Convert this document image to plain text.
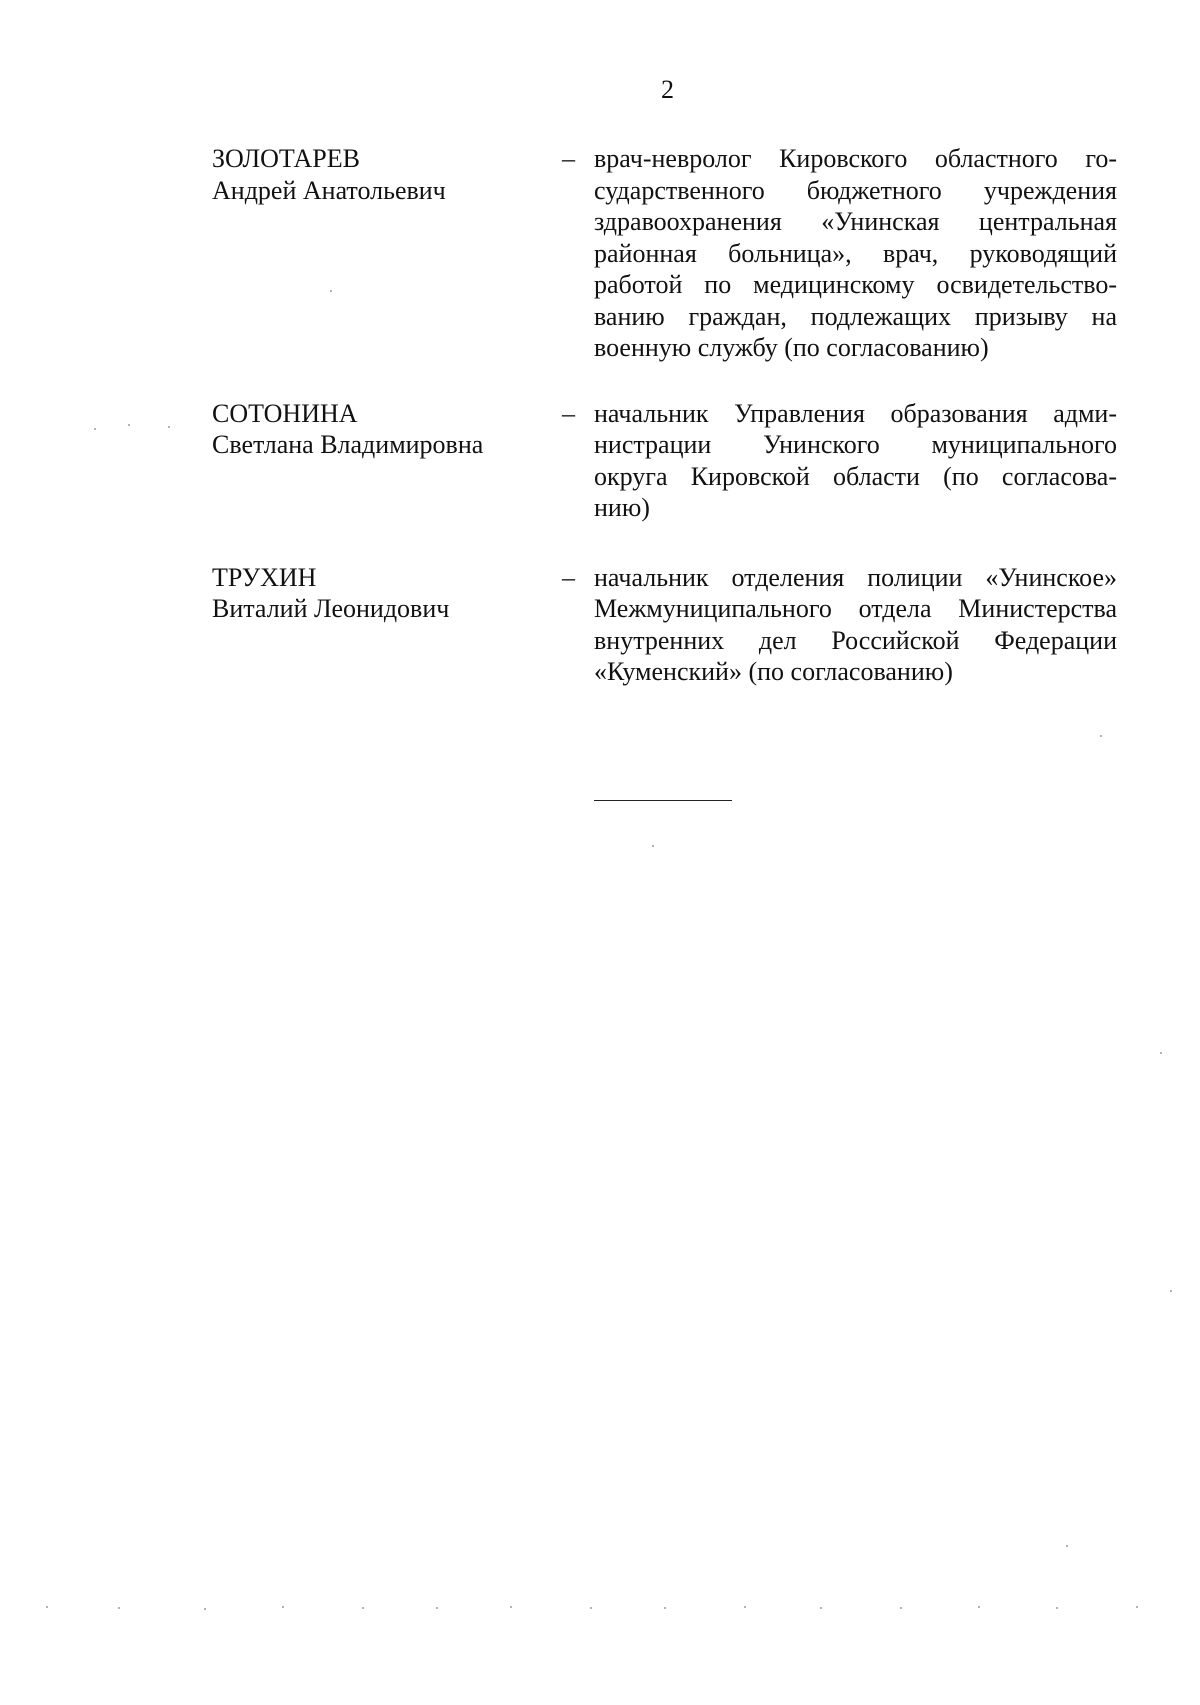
2
ЗОЛОТАРЕВ
Андрей Анатольевич
– врач-невролог Кировского областного го-
сударственного бюджетного учреждения
здравоохранения «Унинская центральная
районная больница», врач, руководящий
работой по медицинскому освидетельство-
ванию граждан, подлежащих призыву на
военную службу (по согласованию)
СОТОНИНА
Светлана Владимировна
– начальник Управления образования адми-
нистрации Унинского муниципального
округа Кировской области (по согласова-
нию)
ТРУХИН
Виталий Леонидович
– начальник отделения полиции «Унинское»
Межмуниципального отдела Министерства
внутренних дел Российской Федерации
«Куменский» (по согласованию)
